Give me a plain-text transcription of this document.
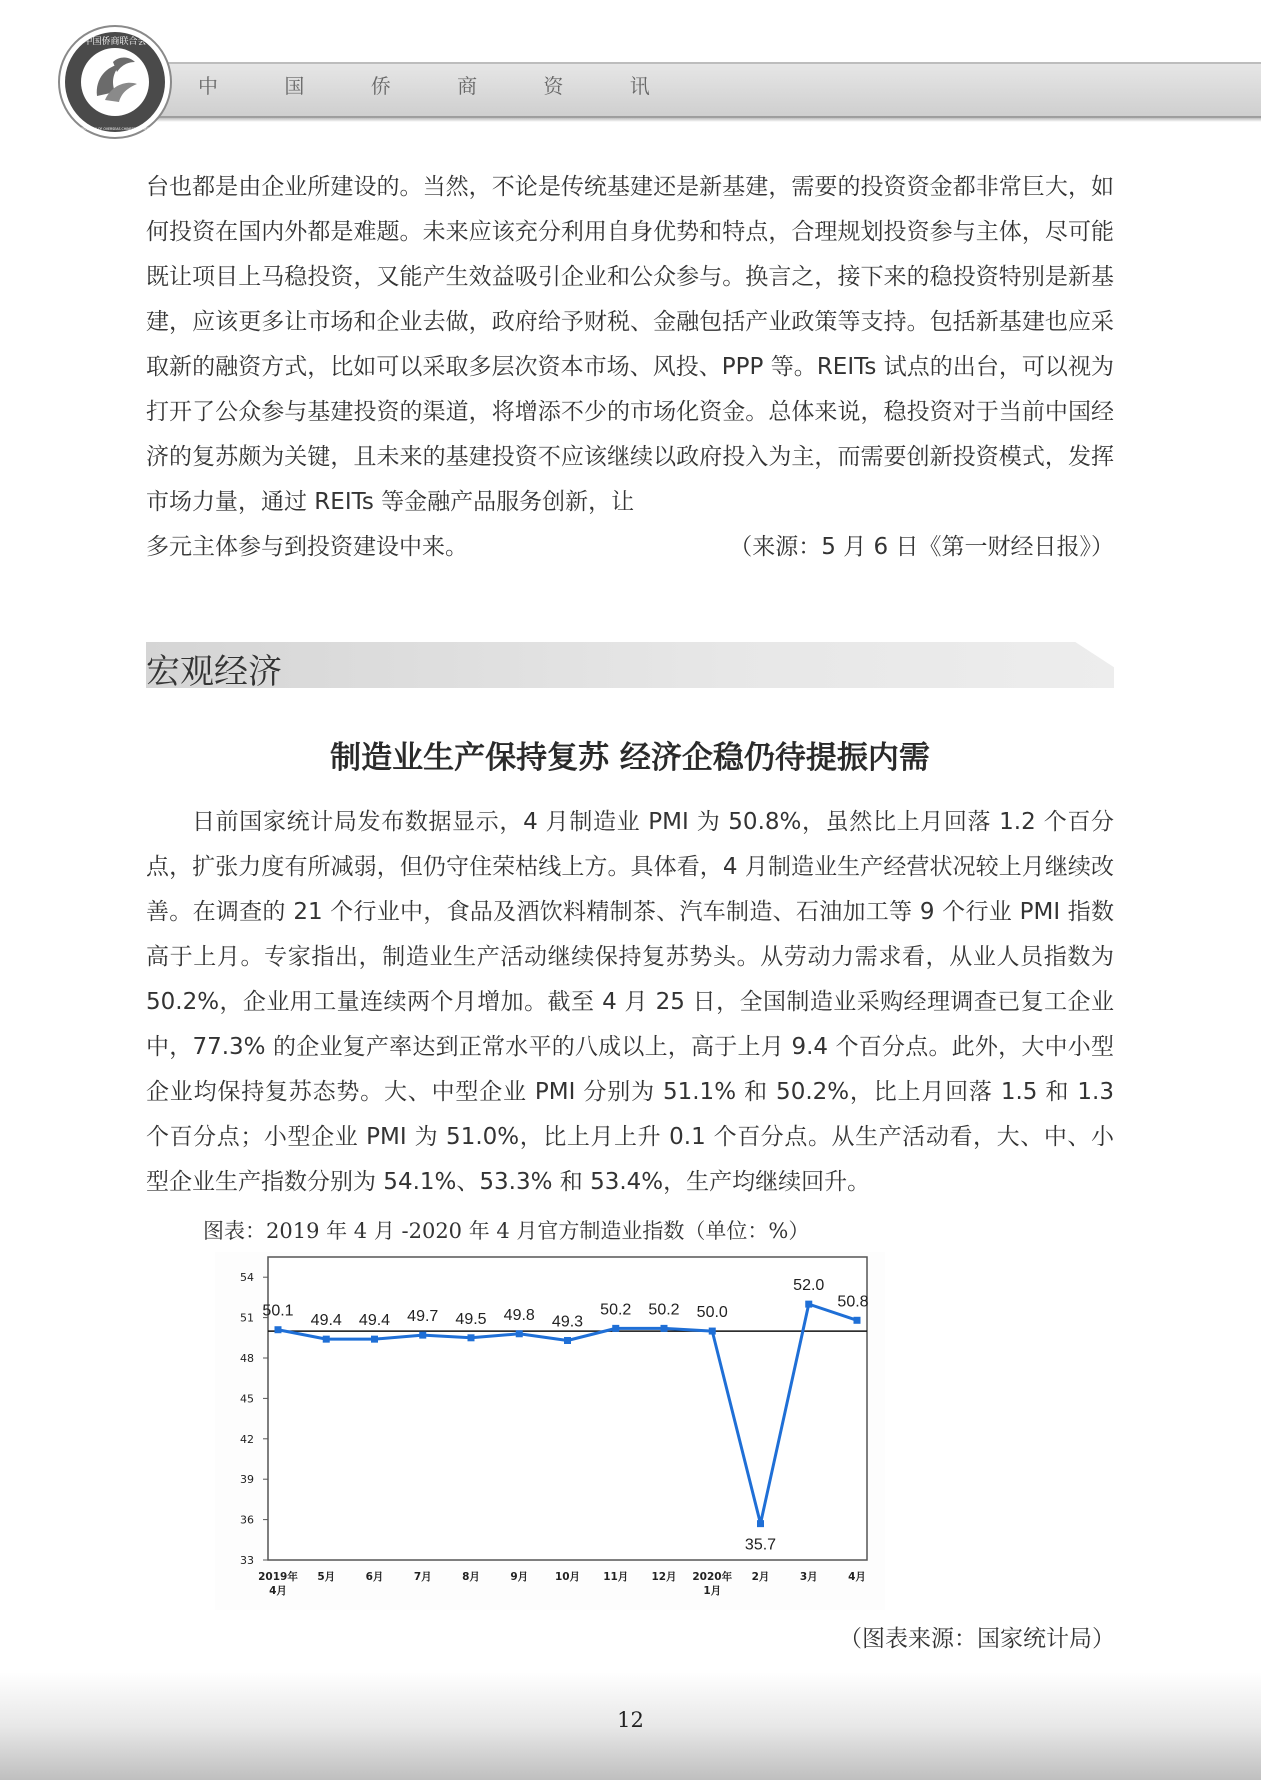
中国侨商联合会
CHINA FEDERATION OF OVERSEAS CHINESE ENTREPRENEURS
中 国 侨 商 资 讯

台也都是由企业所建设的。当然，不论是传统基建还是新基建，需要的投资资金都非常巨大，如何投资在国内外都是难题。未来应该充分利用自身优势和特点，合理规划投资参与主体，尽可能既让项目上马稳投资，又能产生效益吸引企业和公众参与。换言之，接下来的稳投资特别是新基建，应该更多让市场和企业去做，政府给予财税、金融包括产业政策等支持。包括新基建也应采取新的融资方式，比如可以采取多层次资本市场、风投、PPP 等。REITs 试点的出台，可以视为打开了公众参与基建投资的渠道，将增添不少的市场化资金。总体来说，稳投资对于当前中国经济的复苏颇为关键，且未来的基建投资不应该继续以政府投入为主，而需要创新投资模式，发挥市场力量，通过 REITs 等金融产品服务创新，让

多元主体参与到投资建设中来。	（来源：5 月 6 日《第一财经日报》）
宏观经济
制造业生产保持复苏 经济企稳仍待提振内需

日前国家统计局发布数据显示，4 月制造业 PMI 为 50.8%，虽然比上月回落 1.2 个百分点，扩张力度有所减弱，但仍守住荣枯线上方。具体看，4 月制造业生产经营状况较上月继续改善。在调查的 21 个行业中，食品及酒饮料精制茶、汽车制造、石油加工等 9 个行业 PMI 指数高于上月。专家指出，制造业生产活动继续保持复苏势头。从劳动力需求看，从业人员指数为 50.2%，企业用工量连续两个月增加。截至 4 月 25 日，全国制造业采购经理调查已复工企业中，77.3% 的企业复产率达到正常水平的八成以上，高于上月 9.4 个百分点。此外，大中小型企业均保持复苏态势。大、中型企业 PMI 分别为 51.1% 和 50.2%，比上月回落 1.5 和 1.3 个百分点；小型企业 PMI 为 51.0%，比上月上升 0.1 个百分点。从生产活动看，大、中、小型企业生产指数分别为 54.1%、53.3% 和 53.4%，生产均继续回升。

图表：2019 年 4 月 -2020 年 4 月官方制造业指数（单位：%）
33
36
39
42
45
48
51
54
2019年
4月
5月	6月	7月	8月	9月	10月 11月 12月 2020年
1月
2月	3月	4月
50.1
49.4 49.4 49.7 49.5 49.8 49.3
50.2 50.2 50.0
35.7
52.0
50.8
（图表来源：国家统计局）
12
